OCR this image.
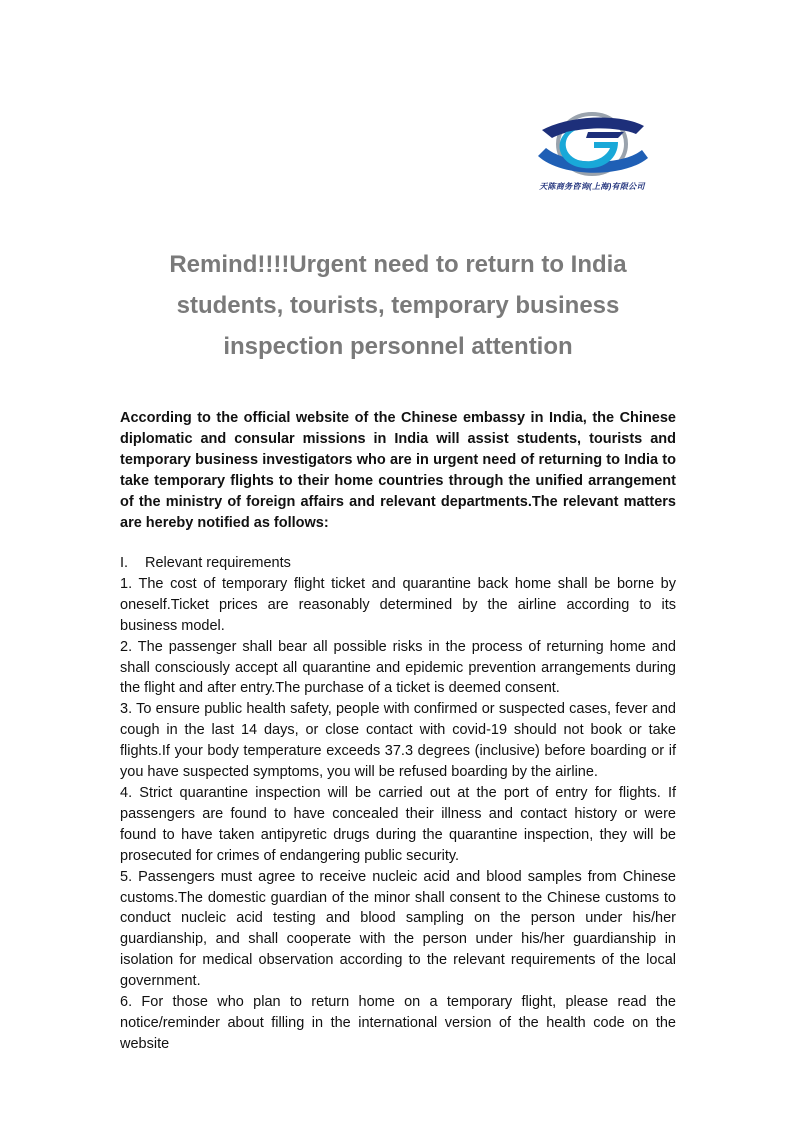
天陈商务咨询(上海)有限公司
Remind!!!!Urgent need to return to India
students, tourists, temporary business
inspection personnel attention
According to the official website of the Chinese embassy in India, the Chinese diplomatic and consular missions in India will assist students, tourists and temporary business investigators who are in urgent need of returning to India to take temporary flights to their home countries through the unified arrangement of the ministry of foreign affairs and relevant departments.The relevant matters are hereby notified as follows:
I.	Relevant requirements

1. The cost of temporary flight ticket and quarantine back home shall be borne by oneself.Ticket prices are reasonably determined by the airline according to its business model.

2. The passenger shall bear all possible risks in the process of returning home and shall consciously accept all quarantine and epidemic prevention arrangements during the flight and after entry.The purchase of a ticket is deemed consent.

3. To ensure public health safety, people with confirmed or suspected cases, fever and cough in the last 14 days, or close contact with covid-19 should not book or take flights.If your body temperature exceeds 37.3 degrees (inclusive) before boarding or if you have suspected symptoms, you will be refused boarding by the airline.

4. Strict quarantine inspection will be carried out at the port of entry for flights. If passengers are found to have concealed their illness and contact history or were found to have taken antipyretic drugs during the quarantine inspection, they will be prosecuted for crimes of endangering public security.

5. Passengers must agree to receive nucleic acid and blood samples from Chinese customs.The domestic guardian of the minor shall consent to the Chinese customs to conduct nucleic acid testing and blood sampling on the person under his/her guardianship, and shall cooperate with the person under his/her guardianship in isolation for medical observation according to the relevant requirements of the local government.

6. For those who plan to return home on a temporary flight, please read the notice/reminder about filling in the international version of the health code on the website
